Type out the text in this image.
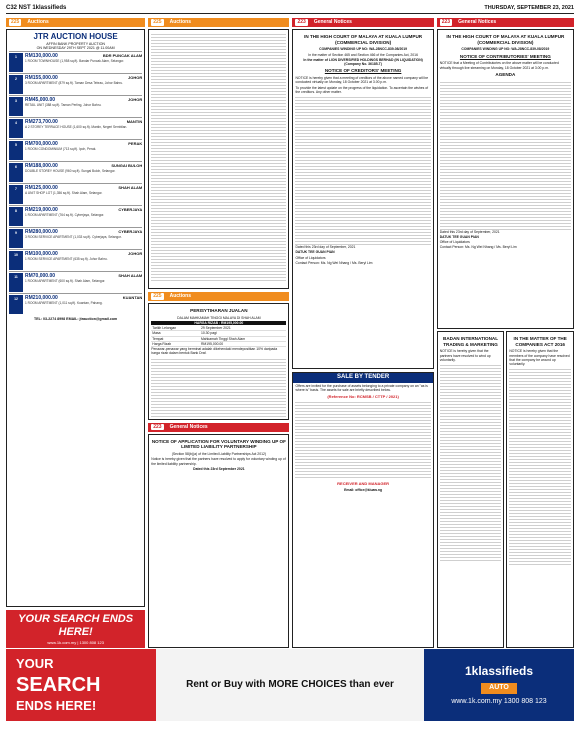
C32 NST 1klassifieds	THURSDAY, SEPTEMBER 23, 2021
225	Auctions
JTR AUCTION HOUSE
AFFIN BANK PROPERTY AUCTION
ON WEDNESDAY 29TH SEPT 2021 @ 11.00AM
1	RM130,000.00	BDR PUNCAK ALAM
1 ROOM TOWNHOUSE (1,958 sq.ft). Bandar Puncak Alam, Selangor.
2	RM155,000.00	JOHOR
3 ROOM APARTMENT (879 sq.ft). Taman Desa Tebrau, Johor Bahru.
3	RM45,000.00	JOHOR
RETAIL UNIT (388 sq.ft). Taman Perling, Johor Bahru.
4	RM273,700.00	MANTIN
A 2 STOREY TERRACE HOUSE (1,600 sq.ft). Mantin, Negeri Sembilan.
5	RM700,000.00	PERAK
1 ROOM CONDOMINIUM (713 sq.ft). Ipoh, Perak.
6	RM188,000.00	SUNGAI BULOH
DOUBLE STOREY HOUSE (960 sq.ft). Sungai Buloh, Selangor.
7	RM125,000.00	SHAH ALAM
A UNIT SHOP LOT (1,356 sq.ft). Shah Alam, Selangor.
8	RM219,000.00	CYBERJAYA
1 ROOM APARTMENT (764 sq.ft). Cyberjaya, Selangor.
9	RM280,000.00	CYBERJAYA
3 ROOM SERVICE APARTMENT (1,033 sq.ft). Cyberjaya, Selangor.
10	RM100,000.00	JOHOR
1 ROOM SERVICE APARTMENT (635 sq.ft). Johor Bahru.
11	RM70,000.00	SHAH ALAM
1 ROOM APARTMENT (600 sq.ft). Shah Alam, Selangor.
12	RM210,000.00	KUANTAN
1 ROOM APARTMENT (1,011 sq.ft). Kuantan, Pahang.
TEL: 03-2274 8998 EMAIL: jtrauction@gmail.com
YOUR SEARCH ENDS HERE!
www.1k.com.my | 1300 808 123
225	Auctions
225	Auctions
PERISYTIHARAN JUALAN

DALAM MAHKAMAH TINGGI MALAYA DI SHAH ALAM

HARGA RIZAB : RM195,000.00

Tarikh Lelongan	29 September 2021
Masa	10.30 pagi
Tempat	Mahkamah Tinggi Shah Alam
Harga Rizab	RM195,000.00

Penawar-penawar yang berminat adalah dikehendaki mendepositkan 10% daripada harga rizab dalam bentuk Bank Draf.

223	General Notices
NOTICE OF APPLICATION FOR VOLUNTARY WINDING UP OF LIMITED LIABILITY PARTNERSHIP

(Section 58(b)(a) of the Limited Liability Partnerships Act 2012)

Notice is hereby given that the partners have resolved to apply for voluntary winding up of the limited liability partnership.

Dated this 23rd September 2021

223	General Notices
IN THE HIGH COURT OF MALAYA AT KUALA LUMPUR (COMMERCIAL DIVISION)

COMPANIES WINDING UP NO: WA-28NCC-839-08/2019

In the matter of Section 465 and Section 466 of the Companies Act, 2016

In the matter of LION DIVERSIFIED HOLDINGS BERHAD (IN LIQUIDATION) (Company No. 36185-T)

NOTICE OF CREDITORS' MEETING

NOTICE is hereby given that a meeting of creditors of the above named company will be conducted virtually on Monday, 18 October 2021 at 3.00 p.m.

To provide the latest update on the progress of the liquidation. To ascertain the wishes of the creditors. Any other matter.

Dated this 23rd day of September, 2021

DATUK TEE GUAN PIAN

Office of Liquidators

Contact Person: Ms. Ng Wei Nhang / Ms. Beryl Lim

SALE BY TENDER

Offers are invited for the purchase of assets belonging to a private company on an "as is where is" basis. The assets for sale are briefly described below.

(Reference No: RCMSB / CTTP / 2021)

RECEIVER AND MANAGER

Email: office@kluaw.ng

223	General Notices
IN THE HIGH COURT OF MALAYA AT KUALA LUMPUR (COMMERCIAL DIVISION)

COMPANIES WINDING UP NO: WA-28NCC-839-08/2019

NOTICE OF CONTRIBUTORIES' MEETING

NOTICE that a Meeting of Contributories on the above matter will be conducted virtually through live streaming on Monday, 18 October 2021 at 3.00 p.m.

AGENDA

Dated this 23rd day of September, 2021

DATUK TEE GUAN PIAN

Office of Liquidators

Contact Person: Ms. Ng Wei Nhang / Ms. Beryl Lim

BADAN INTERNATIONAL TRADING & MARKETING

NOTICE is hereby given that the partners have resolved to wind up voluntarily.

IN THE MATTER OF THE COMPANIES ACT 2016

NOTICE is hereby given that the members of the company have resolved that the company be wound up voluntarily.

YOUR
SEARCH
ENDS HERE!
Rent or Buy with MORE CHOICES than ever
1klassifieds
AUTO
www.1k.com.my 1300 808 123
